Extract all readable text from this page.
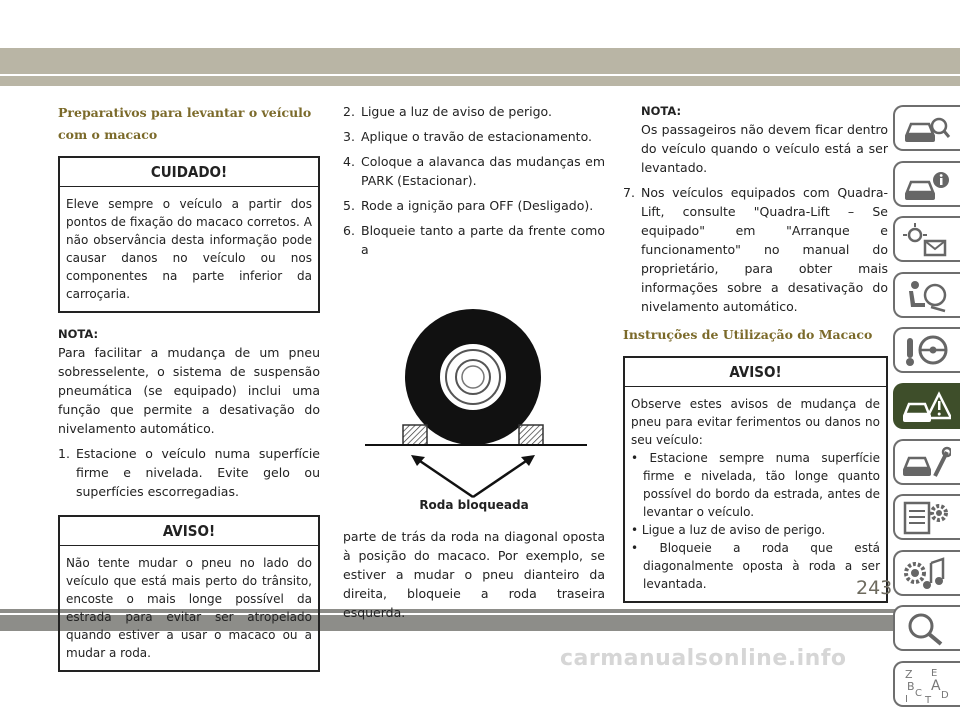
Preparativos para levantar o veículo com o macaco
CUIDADO!
Eleve sempre o veículo a partir dos pontos de fixação do macaco corretos. A não observância desta informação pode causar danos no veículo ou nos componentes na parte inferior da carroçaria.
NOTA:

Para facilitar a mudança de um pneu sobresselente, o sistema de suspensão pneumática (se equipado) inclui uma função que permite a desativação do nivelamento automático.

1. Estacione o veículo numa superfície firme e nivelada. Evite gelo ou superfícies escorregadias.
AVISO!
Não tente mudar o pneu no lado do veículo que está mais perto do trânsito, encoste o mais longe possível da estrada para evitar ser atropelado quando estiver a usar o macaco ou a mudar a roda.
2. Ligue a luz de aviso de perigo.
3. Aplique o travão de estacionamento.
4. Coloque a alavanca das mudanças em PARK (Estacionar).
5. Rode a ignição para OFF (Desligado).
6. Bloqueie tanto a parte da frente como a
Roda bloqueada

parte de trás da roda na diagonal oposta à posição do macaco. Por exemplo, se estiver a mudar o pneu dianteiro da direita, bloqueie a roda traseira esquerda.

NOTA:

Os passageiros não devem ficar dentro do veículo quando o veículo está a ser levantado.

7. Nos veículos equipados com Quadra-Lift, consulte "Quadra-Lift – Se equipado" em "Arranque e funcionamento" no manual do proprietário, para obter mais informações sobre a desativação do nivelamento automático.
Instruções de Utilização do Macaco
AVISO!
Observe estes avisos de mudança de pneu para evitar ferimentos ou danos no seu veículo:
• Estacione sempre numa superfície firme e nivelada, tão longe quanto possível do bordo da estrada, antes de levantar o veículo.
• Ligue a luz de aviso de perigo.
• Bloqueie a roda que está diagonalmente oposta à roda a ser levantada.
Z E
B A
C D
I T
243
carmanualsonline.info
